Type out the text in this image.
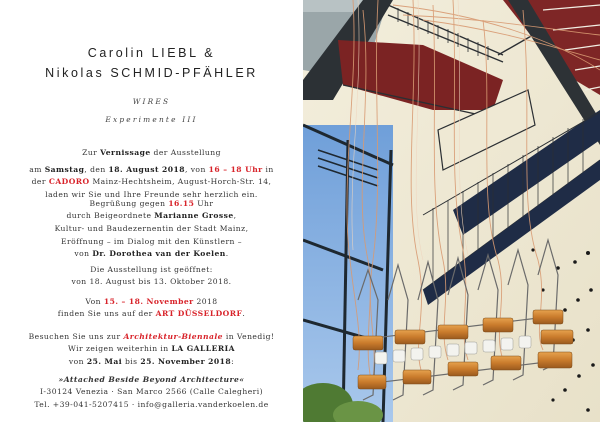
Carolin LIEBL &
Nikolas SCHMID-PFÄHLER
WIRES
Experimente III
Zur Vernissage der Ausstellung
am Samstag, den 18. August 2018, von 16 – 18 Uhr in
der CADORO Mainz-Hechtsheim, August-Horch-Str. 14,
laden wir Sie und Ihre Freunde sehr herzlich ein.
Begrüßung gegen 16.15 Uhr
durch Beigeordnete Marianne Grosse,
Kultur- und Baudezernentin der Stadt Mainz,
Eröffnung – im Dialog mit den Künstlern –
von Dr. Dorothea van der Koelen.
Die Ausstellung ist geöffnet:
von 18. August bis 13. Oktober 2018.
Von 15. – 18. November 2018
finden Sie uns auf der ART DÜSSELDORF.
Besuchen Sie uns zur Architektur-Biennale in Venedig!
Wir zeigen weiterhin in LA GALLERIA
von 25. Mai bis 25. November 2018:
»Attached Beside Beyond Architecture«
I-30124 Venezia · San Marco 2566 (Calle Calegheri)
Tel. +39-041-5207415 · info@galleria.vanderkoelen.de
